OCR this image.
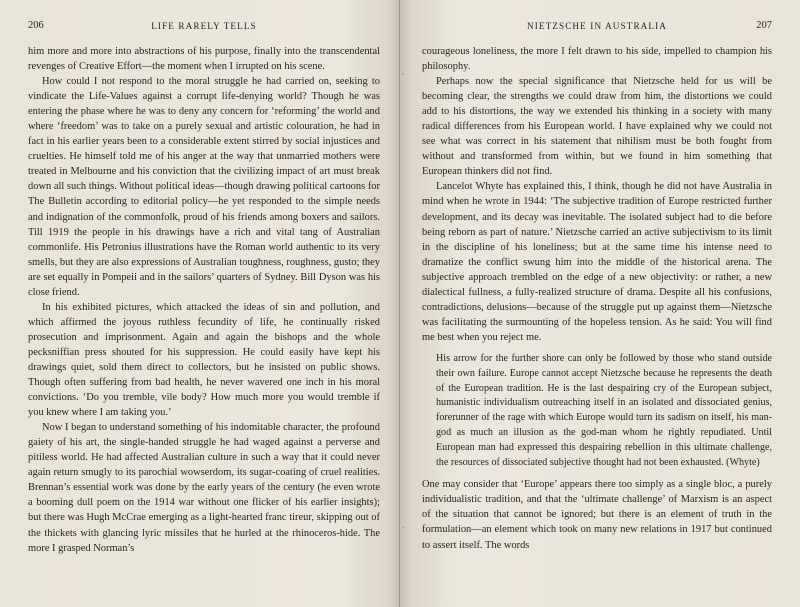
206	LIFE RARELY TELLS

him more and more into abstractions of his purpose, finally into the transcendental revenges of Creative Effort—the moment when I irrupted on his scene.

How could I not respond to the moral struggle he had carried on, seeking to vindicate the Life-Values against a corrupt life-denying world? Though he was entering the phase where he was to deny any concern for ‘reforming’ the world and where ‘freedom’ was to take on a purely sexual and artistic colouration, he had in fact in his earlier years been to a considerable extent stirred by social injustices and cruelties. He himself told me of his anger at the way that unmarried mothers were treated in Melbourne and his conviction that the civilizing impact of art must break down all such things. Without political ideas—though drawing political cartoons for The Bulletin according to editorial policy—he yet responded to the simple needs and indignation of the commonfolk, proud of his friends among boxers and sailors. Till 1919 the people in his drawings have a rich and vital tang of Australian commonlife. His Petronius illustrations have the Roman world authentic to its very smells, but they are also expressions of Australian toughness, roughness, gusto; they are set equally in Pompeii and in the sailors’ quarters of Sydney. Bill Dyson was his close friend.

In his exhibited pictures, which attacked the ideas of sin and pollution, and which affirmed the joyous ruthless fecundity of life, he continually risked prosecution and imprisonment. Again and again the bishops and the whole pecksniffian press shouted for his suppression. He could easily have kept his drawings quiet, sold them direct to collectors, but he insisted on public shows. Though often suffering from bad health, he never wavered one inch in his moral convictions. ‘Do you tremble, vile body? How much more you would tremble if you knew where I am taking you.’

Now I began to understand something of his indomitable character, the profound gaiety of his art, the single-handed struggle he had waged against a perverse and pitiless world. He had affected Australian culture in such a way that it could never again return smugly to its parochial wowserdom, its sugar-coating of cruel realities. Brennan’s essential work was done by the early years of the century (he even wrote a booming dull poem on the 1914 war without one flicker of his earlier insights); but there was Hugh McCrae emerging as a light-hearted franc tireur, skipping out of the thickets with glancing lyric missiles that he hurled at the rhinoceros-hide. The more I grasped Norman’s

'
.
NIETZSCHE IN AUSTRALIA	207

courageous loneliness, the more I felt drawn to his side, impelled to champion his philosophy.

Perhaps now the special significance that Nietzsche held for us will be becoming clear, the strengths we could draw from him, the distortions we could add to his distortions, the way we extended his thinking in a society with many radical differences from his European world. I have explained why we could not see what was correct in his statement that nihilism must be both fought from without and transformed from within, but we found in him something that European thinkers did not find.

Lancelot Whyte has explained this, I think, though he did not have Australia in mind when he wrote in 1944: ‘The subjective tradition of Europe restricted further development, and its decay was inevitable. The isolated subject had to die before being reborn as part of nature.’ Nietzsche carried an active subjectivism to its limit in the discipline of his loneliness; but at the same time his intense need to dramatize the conflict swung him into the middle of the historical arena. The subjective approach trembled on the edge of a new objectivity: or rather, a new dialectical fullness, a fully-realized structure of drama. Despite all his confusions, contradictions, delusions—because of the struggle put up against them—Nietzsche was facilitating the surmounting of the hopeless tension. As he said: You will find me best when you reject me.

His arrow for the further shore can only be followed by those who stand outside their own failure. Europe cannot accept Nietzsche because he represents the death of the European tradition. He is the last despairing cry of the European subject, humanistic individualism outreaching itself in an isolated and dissociated genius, forerunner of the rage with which Europe would turn its sadism on itself, his man-god as much an illusion as the god-man whom he rightly repudiated. Until European man had expressed this despairing rebellion in this ultimate challenge, the resources of dissociated subjective thought had not been exhausted. (Whyte)

One may consider that ‘Europe’ appears there too simply as a single bloc, a purely individualistic tradition, and that the ‘ultimate challenge’ of Marxism is an aspect of the situation that cannot be ignored; but there is an element of truth in the formulation—an element which took on many new relations in 1917 but continued to assert itself. The words
